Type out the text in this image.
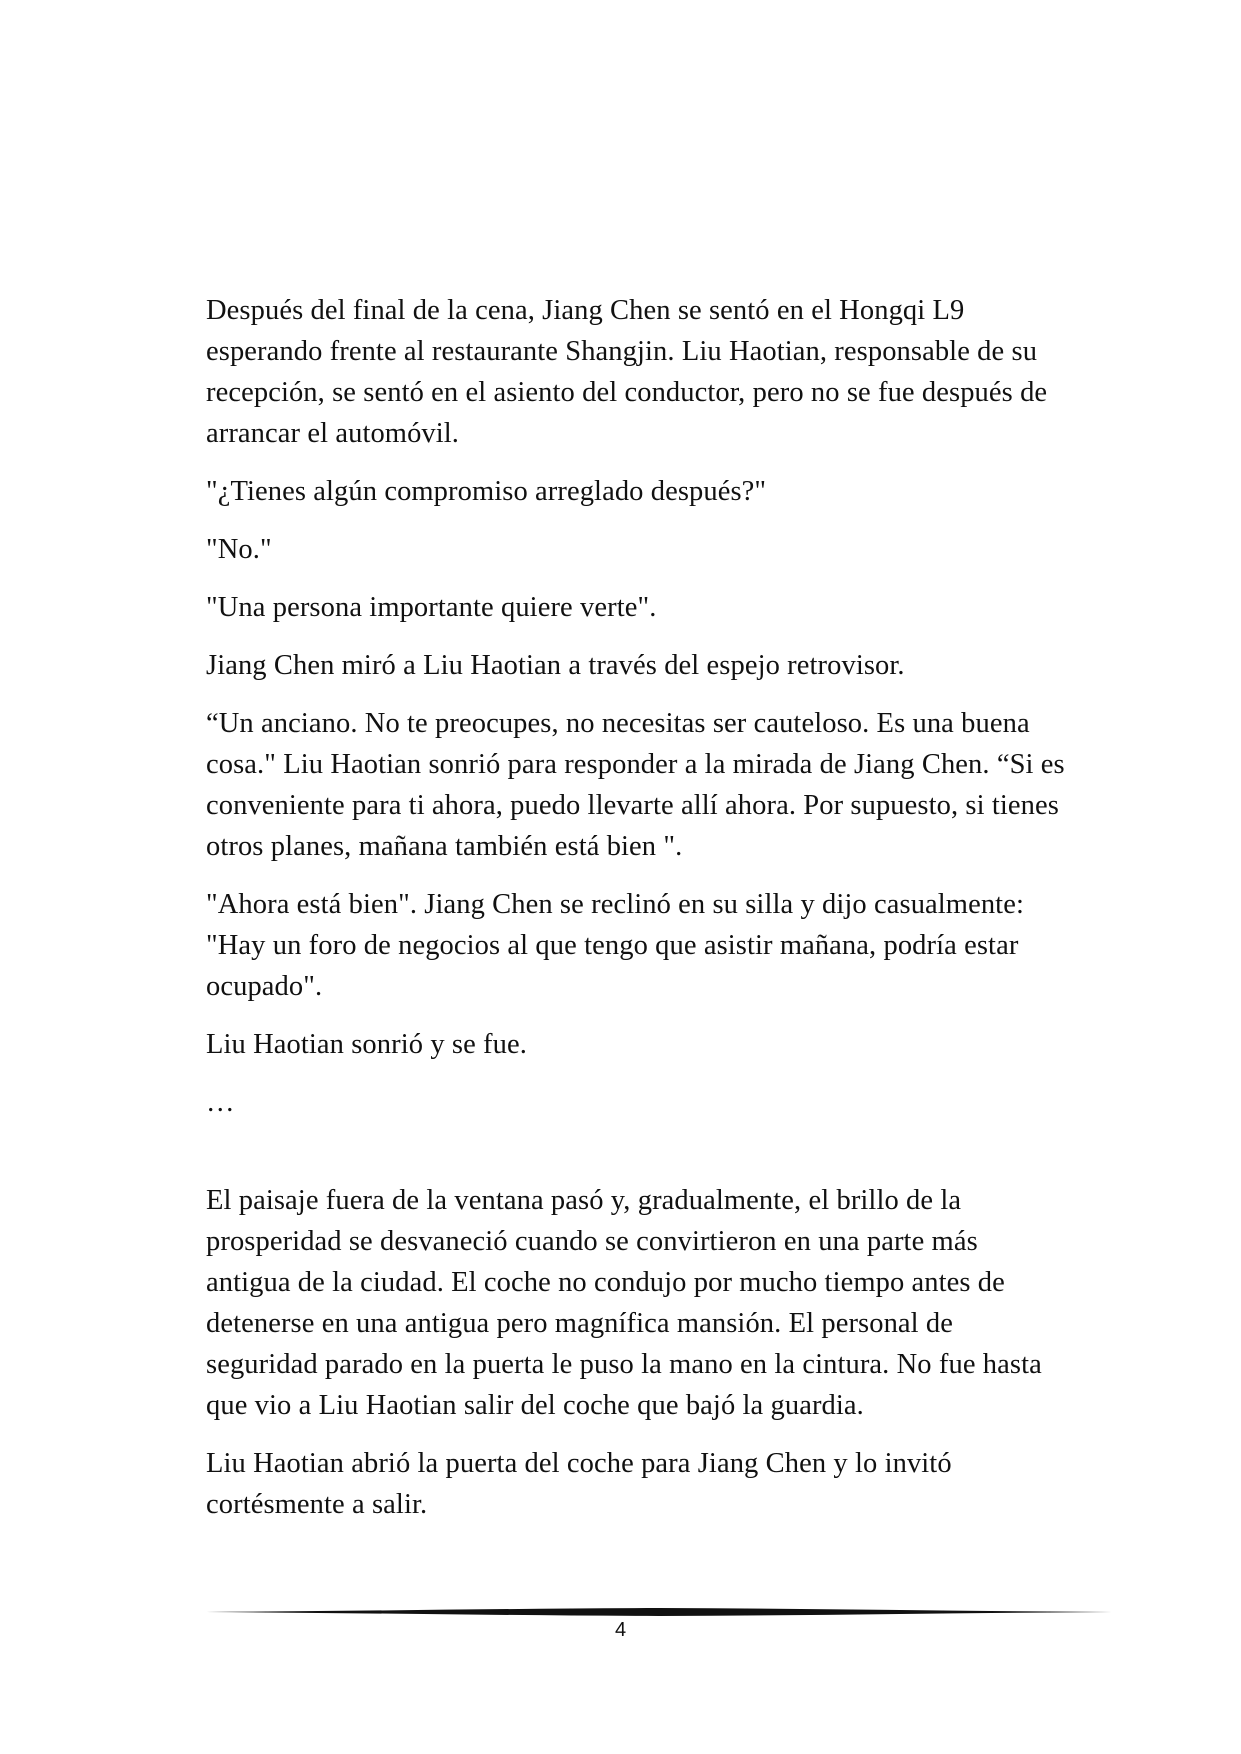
Después del final de la cena, Jiang Chen se sentó en el Hongqi L9 esperando frente al restaurante Shangjin. Liu Haotian, responsable de su recepción, se sentó en el asiento del conductor, pero no se fue después de arrancar el automóvil.

"¿Tienes algún compromiso arreglado después?"

"No."

"Una persona importante quiere verte".

Jiang Chen miró a Liu Haotian a través del espejo retrovisor.

“Un anciano. No te preocupes, no necesitas ser cauteloso. Es una buena cosa." Liu Haotian sonrió para responder a la mirada de Jiang Chen. “Si es conveniente para ti ahora, puedo llevarte allí ahora. Por supuesto, si tienes otros planes, mañana también está bien ".

"Ahora está bien". Jiang Chen se reclinó en su silla y dijo casualmente: "Hay un foro de negocios al que tengo que asistir mañana, podría estar ocupado".

Liu Haotian sonrió y se fue.

…

El paisaje fuera de la ventana pasó y, gradualmente, el brillo de la prosperidad se desvaneció cuando se convirtieron en una parte más antigua de la ciudad. El coche no condujo por mucho tiempo antes de detenerse en una antigua pero magnífica mansión. El personal de seguridad parado en la puerta le puso la mano en la cintura. No fue hasta que vio a Liu Haotian salir del coche que bajó la guardia.

Liu Haotian abrió la puerta del coche para Jiang Chen y lo invitó cortésmente a salir.

4
